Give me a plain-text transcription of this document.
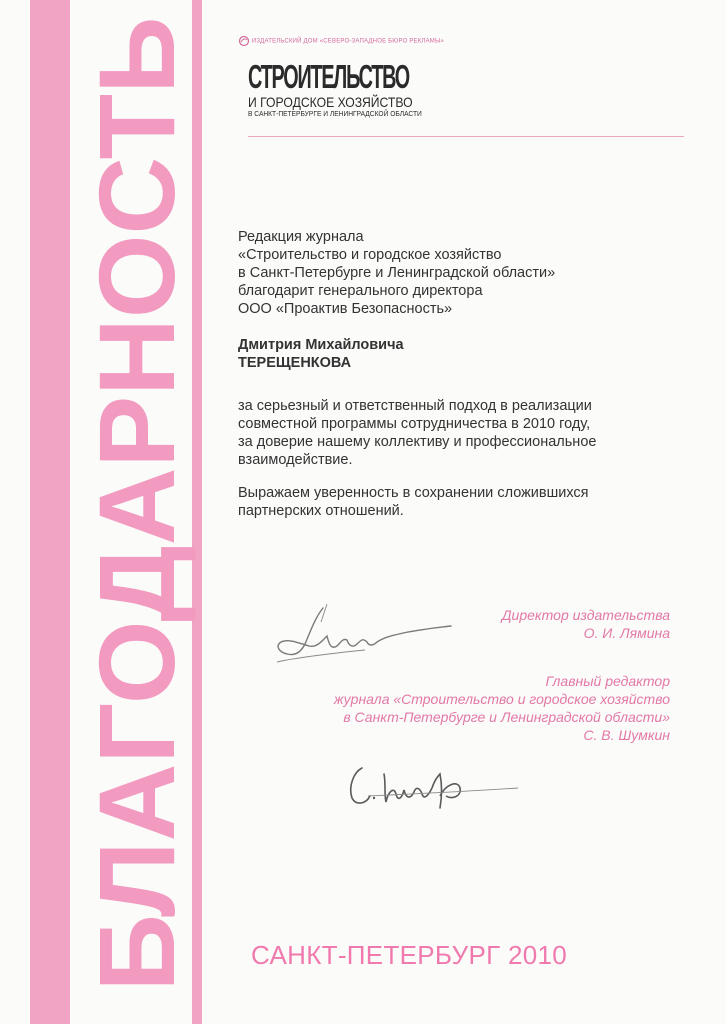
БЛАГОДАРНОСТЬ	ИЗДАТЕЛЬСКИЙ ДОМ «СЕВЕРО-ЗАПАДНОЕ БЮРО РЕКЛАМЫ»
СТРОИТЕЛЬСТВО
И ГОРОДСКОЕ ХОЗЯЙСТВО
В САНКТ-ПЕТЕРБУРГЕ И ЛЕНИНГРАДСКОЙ ОБЛАСТИ
Редакция журнала
«Строительство и городское хозяйство
в Санкт-Петербурге и Ленинградской области»
благодарит генерального директора
ООО «Проактив Безопасность»
Дмитрия Михайловича
ТЕРЕЩЕНКОВА
за серьезный и ответственный подход в реализации
совместной программы сотрудничества в 2010 году,
за доверие нашему коллективу и профессиональное
взаимодействие.
Выражаем уверенность в сохранении сложившихся
партнерских отношений.
Директор издательства
О. И. Лямина
Главный редактор
журнала «Строительство и городское хозяйство
в Санкт-Петербурге и Ленинградской области»
С. В. Шумкин
САНКТ-ПЕТЕРБУРГ 2010
